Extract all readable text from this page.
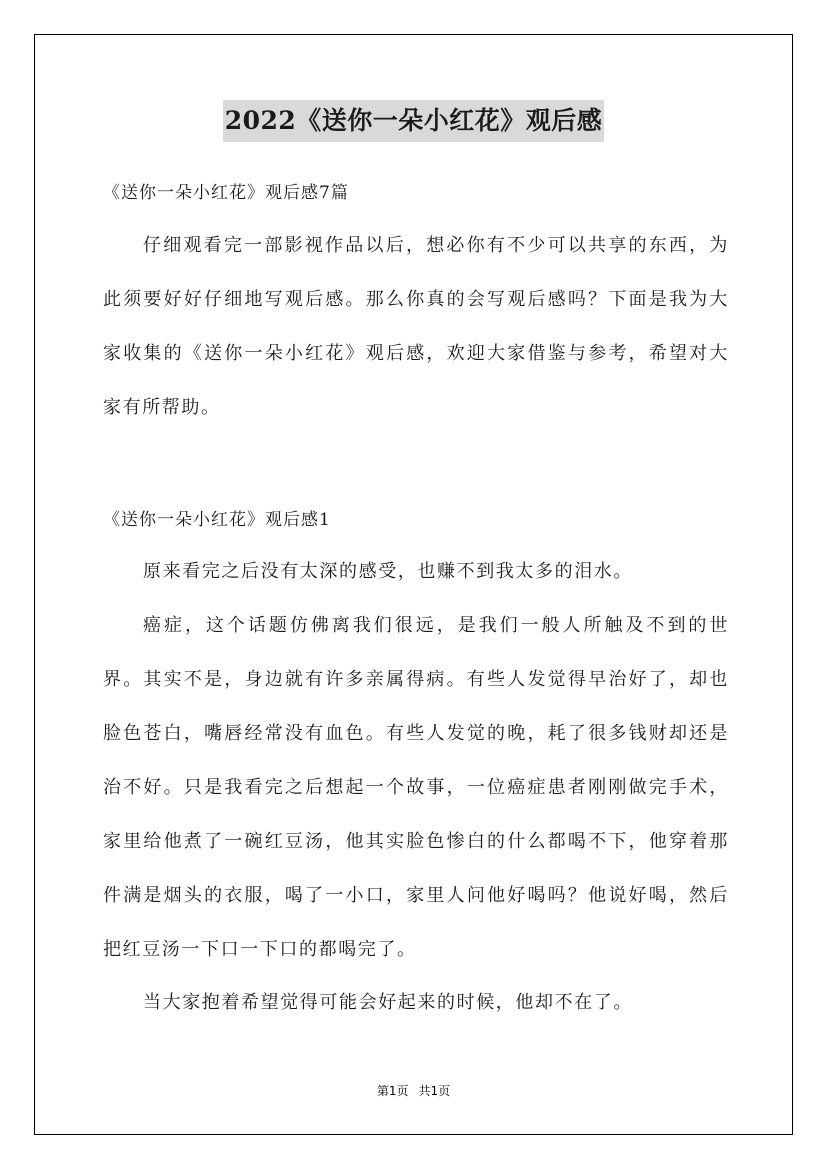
2022《送你一朵小红花》观后感
《送你一朵小红花》观后感7篇

仔细观看完一部影视作品以后，想必你有不少可以共享的东西，为此须要好好仔细地写观后感。那么你真的会写观后感吗？下面是我为大家收集的《送你一朵小红花》观后感，欢迎大家借鉴与参考，希望对大家有所帮助。

《送你一朵小红花》观后感1

原来看完之后没有太深的感受，也赚不到我太多的泪水。

癌症，这个话题仿佛离我们很远，是我们一般人所触及不到的世界。其实不是，身边就有许多亲属得病。有些人发觉得早治好了，却也脸色苍白，嘴唇经常没有血色。有些人发觉的晚，耗了很多钱财却还是治不好。只是我看完之后想起一个故事，一位癌症患者刚刚做完手术，家里给他煮了一碗红豆汤，他其实脸色惨白的什么都喝不下，他穿着那件满是烟头的衣服，喝了一小口，家里人问他好喝吗？他说好喝，然后把红豆汤一下口一下口的都喝完了。

当大家抱着希望觉得可能会好起来的时候，他却不在了。

第1页 共1页
